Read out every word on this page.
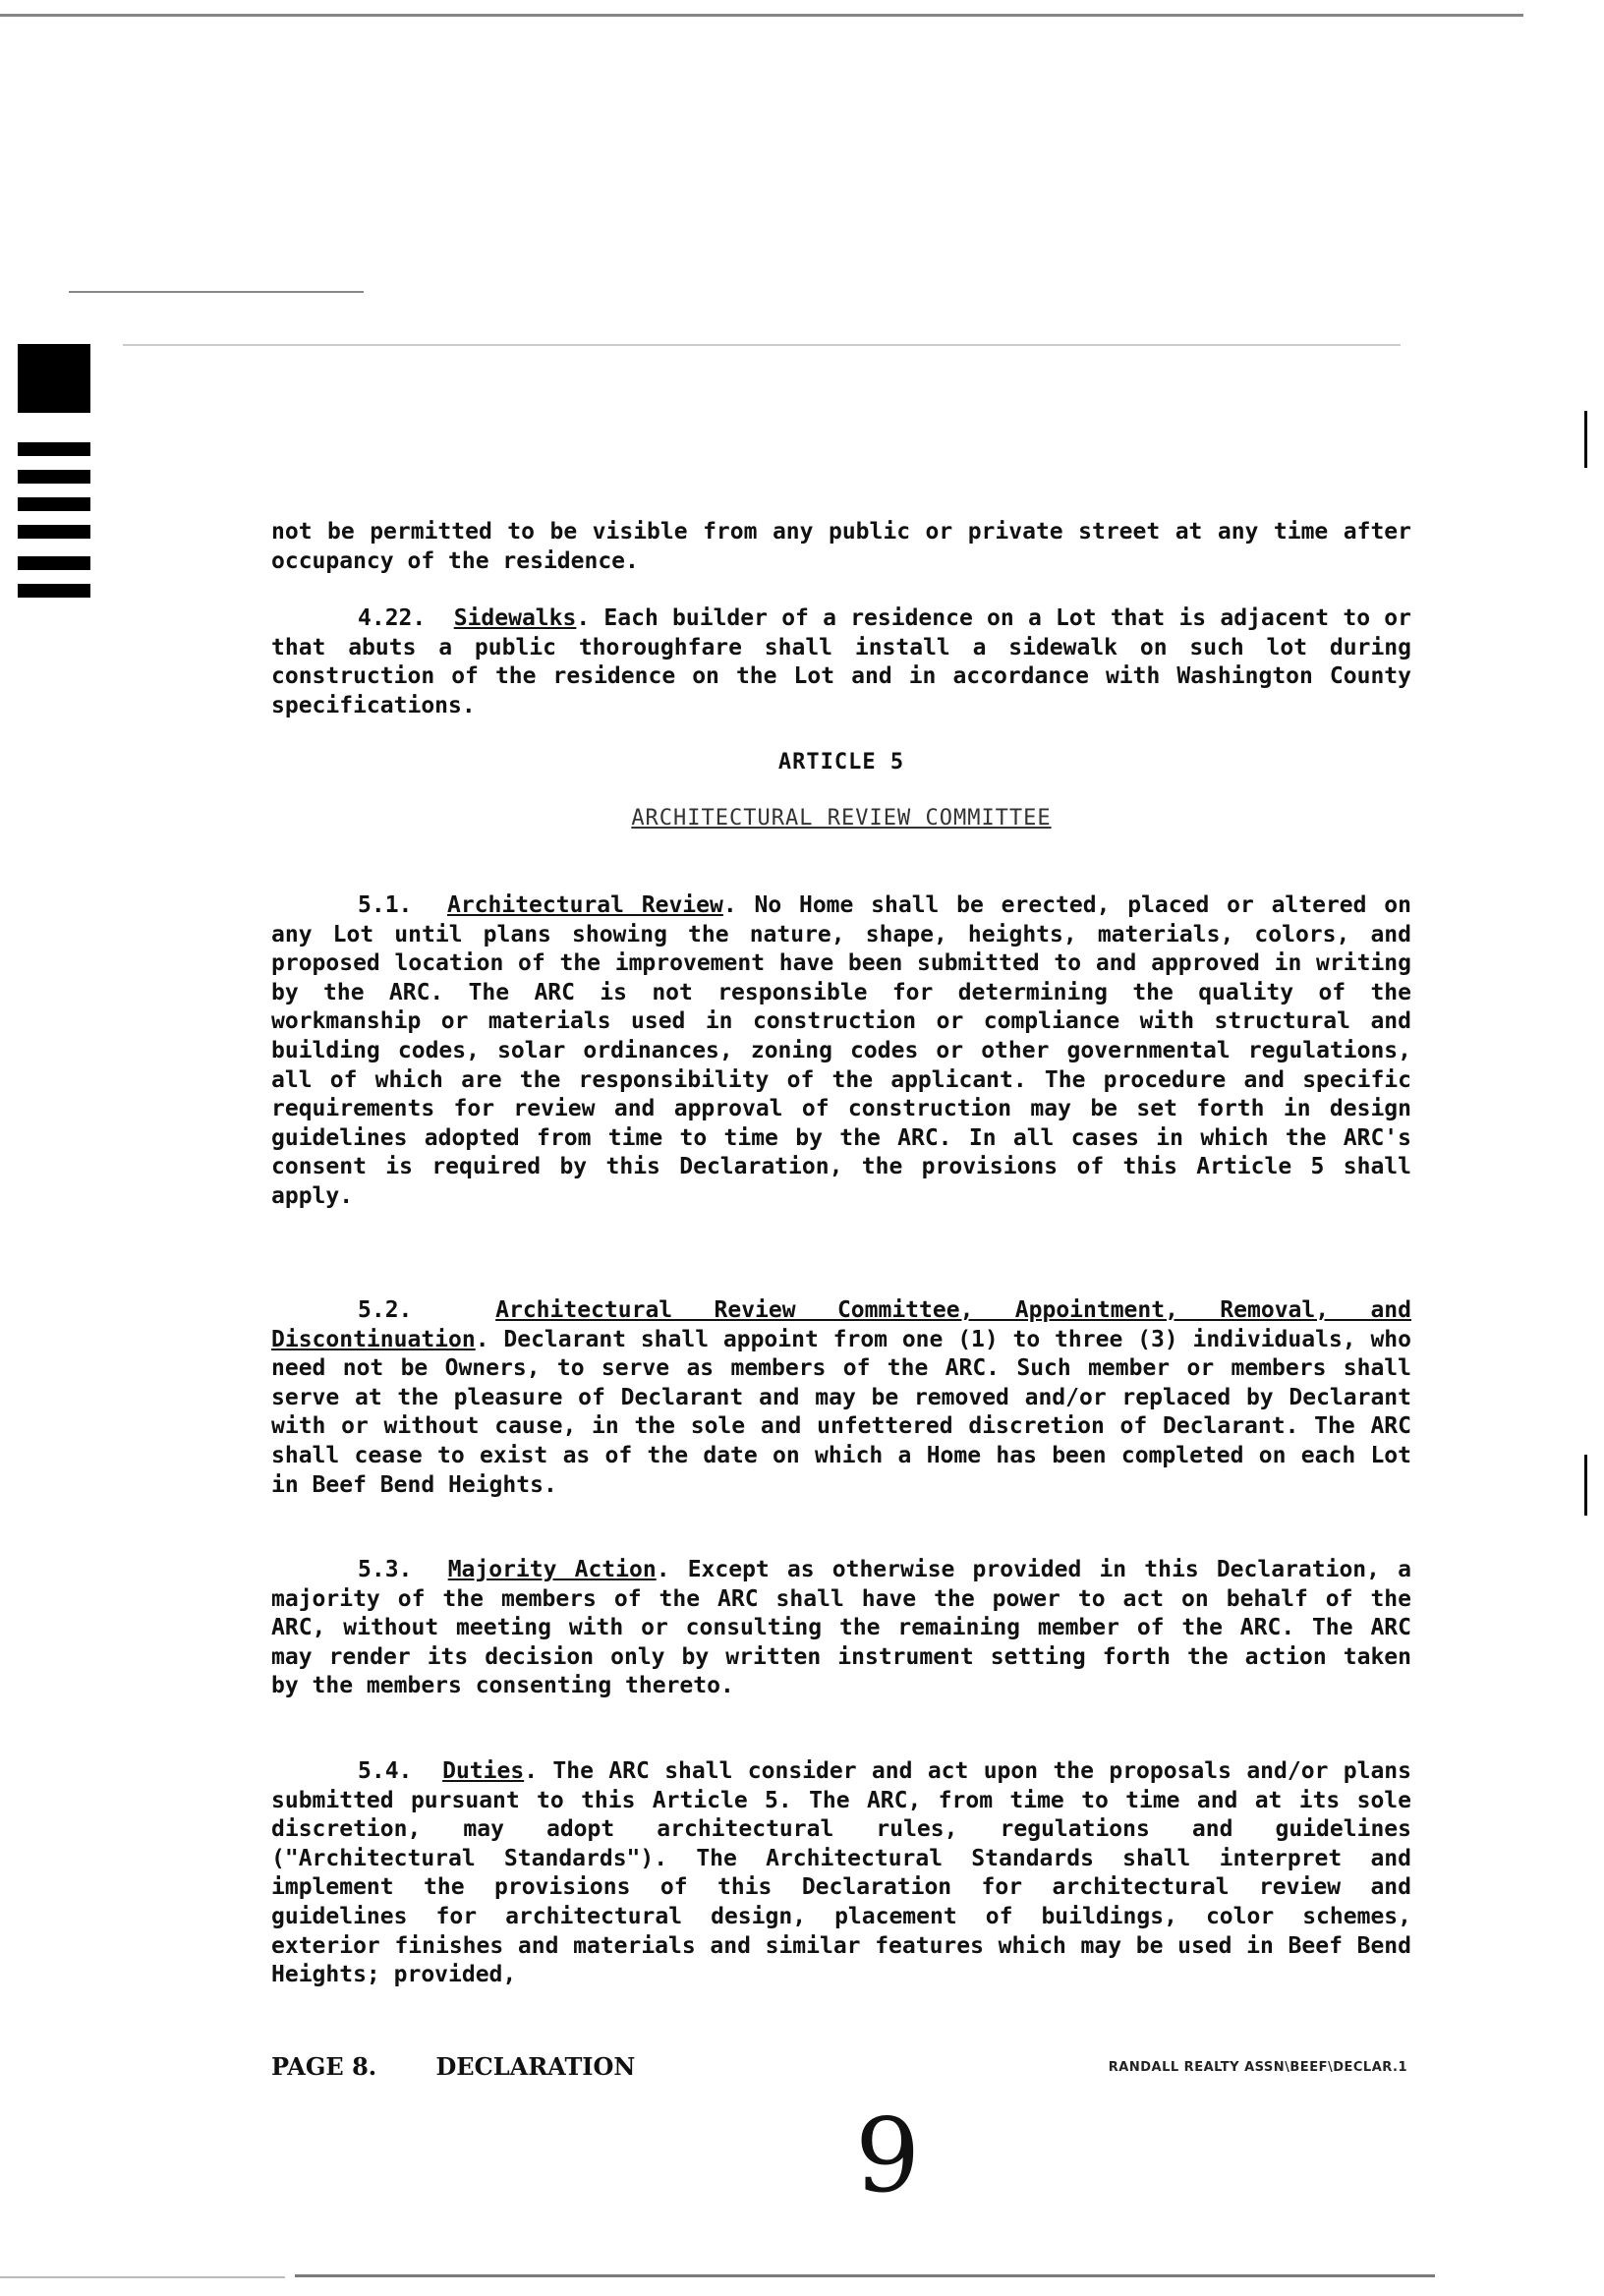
not be permitted to be visible from any public or private street at any time after occupancy of the residence.

4.22. Sidewalks. Each builder of a residence on a Lot that is adjacent to or that abuts a public thoroughfare shall install a sidewalk on such lot during construction of the residence on the Lot and in accordance with Washington County specifications.

ARTICLE 5
ARCHITECTURAL REVIEW COMMITTEE

5.1. Architectural Review. No Home shall be erected, placed or altered on any Lot until plans showing the nature, shape, heights, materials, colors, and proposed location of the improvement have been submitted to and approved in writing by the ARC. The ARC is not responsible for determining the quality of the workmanship or materials used in construction or compliance with structural and building codes, solar ordinances, zoning codes or other governmental regulations, all of which are the responsibility of the applicant. The procedure and specific requirements for review and approval of construction may be set forth in design guidelines adopted from time to time by the ARC. In all cases in which the ARC's consent is required by this Declaration, the provisions of this Article 5 shall apply.

5.2.	Architectural Review Committee, Appointment, Removal, and Discontinuation. Declarant shall appoint from one (1) to three (3) individuals, who need not be Owners, to serve as members of the ARC. Such member or members shall serve at the pleasure of Declarant and may be removed and/or replaced by Declarant with or without cause, in the sole and unfettered discretion of Declarant. The ARC shall cease to exist as of the date on which a Home has been completed on each Lot in Beef Bend Heights.

5.3. Majority Action. Except as otherwise provided in this Declaration, a majority of the members of the ARC shall have the power to act on behalf of the ARC, without meeting with or consulting the remaining member of the ARC. The ARC may render its decision only by written instrument setting forth the action taken by the members consenting thereto.

5.4. Duties. The ARC shall consider and act upon the proposals and/or plans submitted pursuant to this Article 5. The ARC, from time to time and at its sole discretion, may adopt architectural rules, regulations and guidelines ("Architectural Standards"). The Architectural Standards shall interpret and implement the provisions of this Declaration for architectural review and guidelines for architectural design, placement of buildings, color schemes, exterior finishes and materials and similar features which may be used in Beef Bend Heights; provided,

PAGE 8.	DECLARATION	RANDALL REALTY ASSN\BEEF\DECLAR.1
9
